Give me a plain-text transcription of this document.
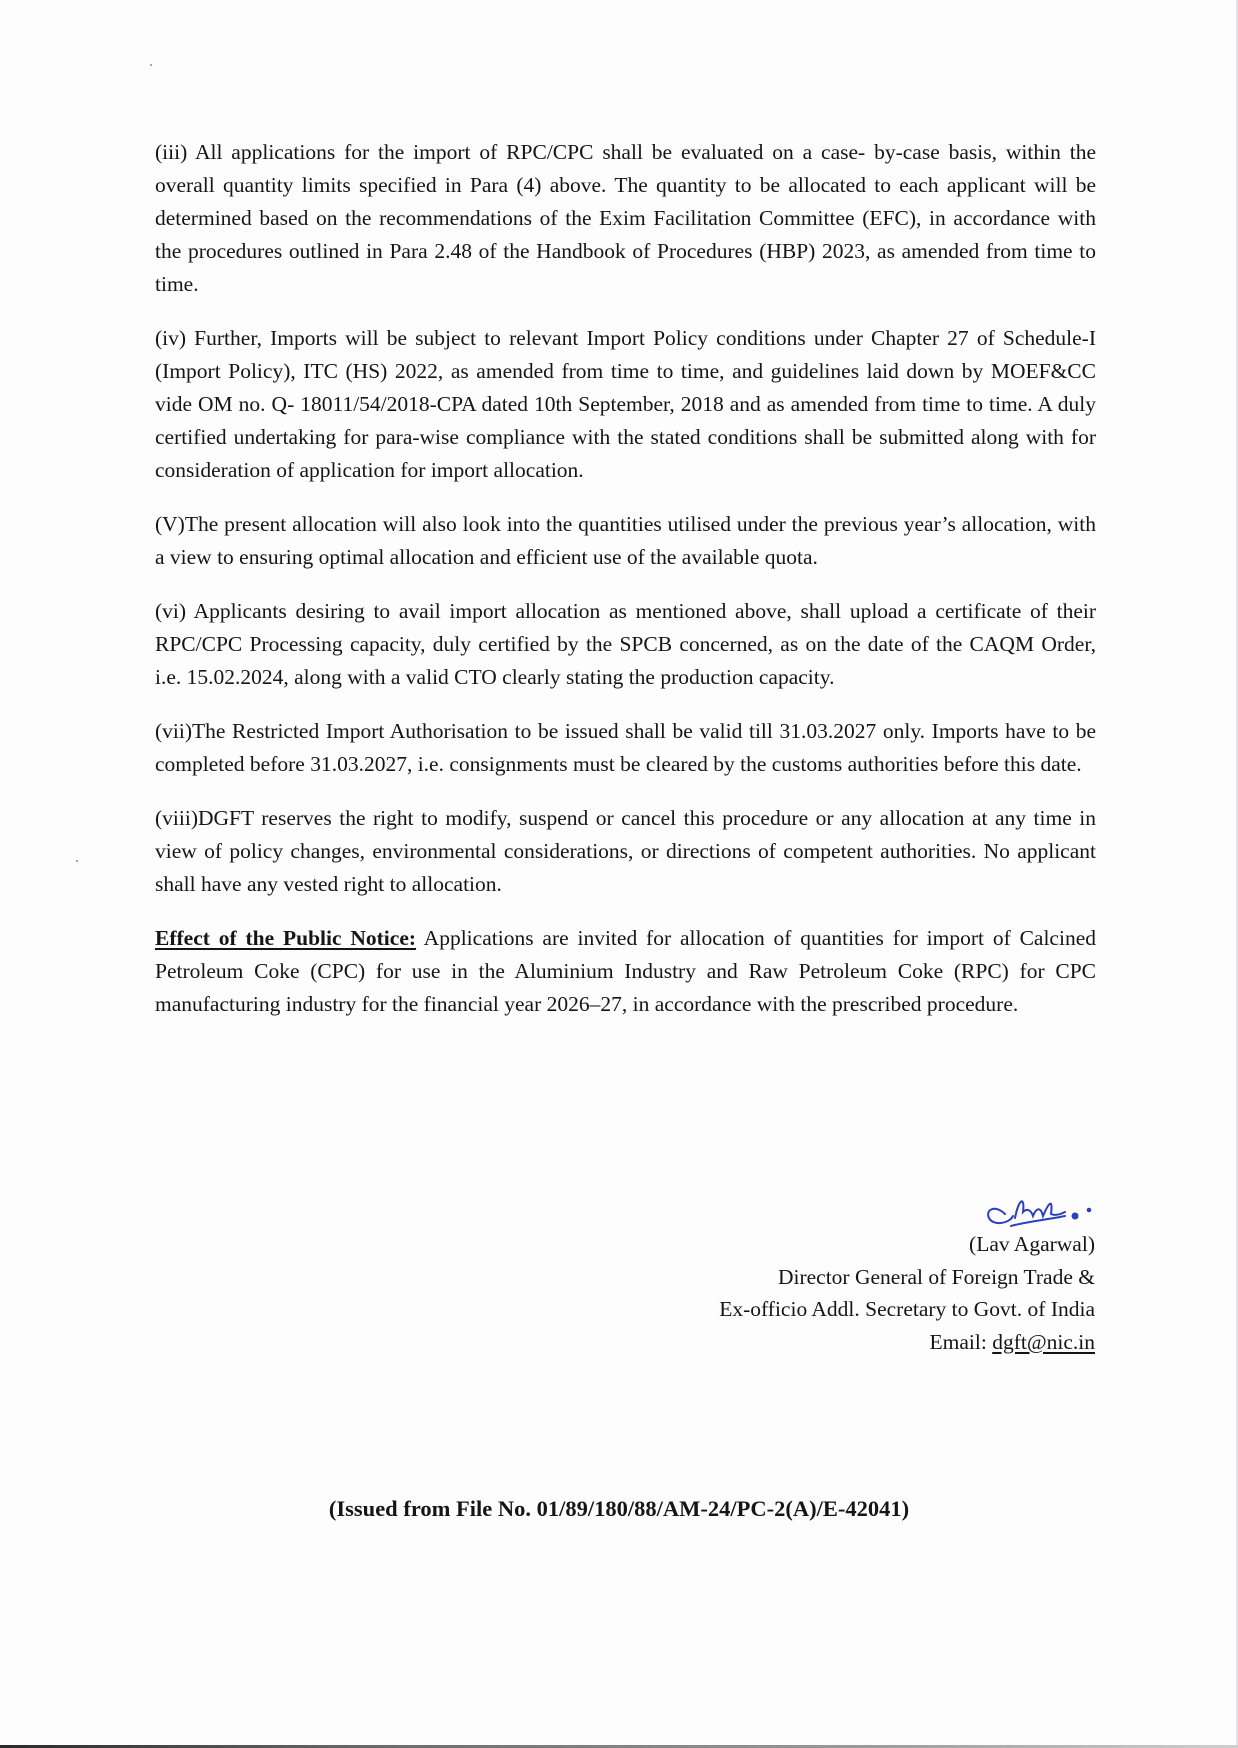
(iii) All applications for the import of RPC/CPC shall be evaluated on a case- by-case basis, within the overall quantity limits specified in Para (4) above. The quantity to be allocated to each applicant will be determined based on the recommendations of the Exim Facilitation Committee (EFC), in accordance with the procedures outlined in Para 2.48 of the Handbook of Procedures (HBP) 2023, as amended from time to time.

(iv) Further, Imports will be subject to relevant Import Policy conditions under Chapter 27 of Schedule-I (Import Policy), ITC (HS) 2022, as amended from time to time, and guidelines laid down by MOEF&CC vide OM no. Q- 18011/54/2018-CPA dated 10th September, 2018 and as amended from time to time. A duly certified undertaking for para-wise compliance with the stated conditions shall be submitted along with for consideration of application for import allocation.

(V)The present allocation will also look into the quantities utilised under the previous year’s allocation, with a view to ensuring optimal allocation and efficient use of the available quota.

(vi) Applicants desiring to avail import allocation as mentioned above, shall upload a certificate of their RPC/CPC Processing capacity, duly certified by the SPCB concerned, as on the date of the CAQM Order, i.e. 15.02.2024, along with a valid CTO clearly stating the production capacity.

(vii)The Restricted Import Authorisation to be issued shall be valid till 31.03.2027 only. Imports have to be completed before 31.03.2027, i.e. consignments must be cleared by the customs authorities before this date.

(viii)DGFT reserves the right to modify, suspend or cancel this procedure or any allocation at any time in view of policy changes, environmental considerations, or directions of competent authorities. No applicant shall have any vested right to allocation.

Effect of the Public Notice: Applications are invited for allocation of quantities for import of Calcined Petroleum Coke (CPC) for use in the Aluminium Industry and Raw Petroleum Coke (RPC) for CPC manufacturing industry for the financial year 2026–27, in accordance with the prescribed procedure.

(Lav Agarwal)
Director General of Foreign Trade &
Ex-officio Addl. Secretary to Govt. of India
Email: dgft@nic.in
(Issued from File No. 01/89/180/88/AM-24/PC-2(A)/E-42041)
